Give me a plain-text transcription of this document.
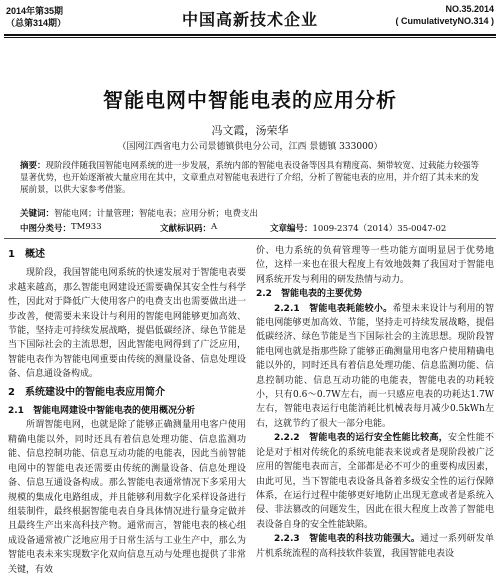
2014年第35期
（总第314期）	中国高新技术企业
NO.35.2014
( CumulativetyNO.314 )
智能电网中智能电表的应用分析
冯文霞，汤荣华
（国网江西省电力公司景德镇供电分公司，江西 景德镇 333000）
摘要：现阶段伴随我国智能电网系统的进一步发展，系统内部的智能电表设备等因具有精度高、频带较宽、过载能力较强等显著优势，也开始逐渐被大量应用在其中，文章重点对智能电表进行了介绍，分析了智能电表的应用，并介绍了其未来的发展前景，以供大家参考借鉴。
关键词：智能电网；计量管理；智能电表；应用分析；电费支出
中图分类号： TM933	文献标识码： A	文章编号： 1009-2374（2014）35-0047-02
1　概述

现阶段，我国智能电网系统的快速发展对于智能电表要求越来越高，那么智能电网建设还需要确保其安全性与科学性，因此对于降低广大使用客户的电费支出也需要做出进一步改善，便需要未来设计与利用的智能电网能够更加高效、节能，坚持走可持续发展战略，提倡低碳经济、绿色节能是当下国际社会的主流思想，因此智能电网得到了广泛应用，智能电表作为智能电网重要由传统的测量设备、信息处理设备、信息通设备构成。

2　系统建设中的智能电表应用简介
2.1　智能电网建设中智能电表的使用概况分析

所谓智能电网，也就是除了能够正确测量用电客户使用精确电能以外，同时还具有着信息处理功能、信息监测功能、信息控制功能、信息互动功能的电能表，因此当前智能电网中的智能电表还需要由传统的测量设备、信息处理设备、信息互通设备构成。那么智能电表通常情况下多采用大规模的集成化电路组成，并且能够利用数字化采样设备进行组装制件，最终根据智能电表自身具体情况进行量身定做并且最终生产出来高科技产物。通常而言，智能电表的核心组成设备通常被广泛地应用于日常生活与工业生产中，那么为智能电表未来实现数字化双向信息互动与处理也提供了非常关键，有效

价、电力系统的负荷管理等一些功能方面明显居于优势地位，这样一来也在很大程度上有效地鼓舞了我国对于智能电网系统开发与利用的研发热情与动力。

2.2　智能电表的主要优势

2.2.1　智能电表耗能较小。希望未来设计与利用的智能电网能够更加高效、节能，坚持走可持续发展战略，提倡低碳经济、绿色节能是当下国际社会的主流思想。现阶段智能电网也就是指那些除了能够正确测量用电客户使用精确电能以外的，同时还具有着信息处理功能、信息监测功能、信息控制功能、信息互动功能的电能表，智能电表的功耗较小，只有0.6～0.7W左右，而一只感应电表的功耗达1.7W左右，智能电表运行电能消耗比机械表每月减少0.5kWh左右，这就节约了很大一部分电能。

2.2.2　智能电表的运行安全性能比较高，安全性能不论是对于相对传统化的系统电能表来说或者是现阶段被广泛应用的智能电表而言，全部都是必不可少的重要构成因素，由此可见，当下智能电表设备具备着多级安全性的运行保障体系，在运行过程中能够更好地防止出现无意或者是系统入侵、非法篡改的问题发生，因此在很大程度上改善了智能电表设备自身的安全性能缺陷。

2.2.3　智能电表的科技功能强大。通过一系列研发单片机系统流程的高科技软件装置，我国智能电表设
